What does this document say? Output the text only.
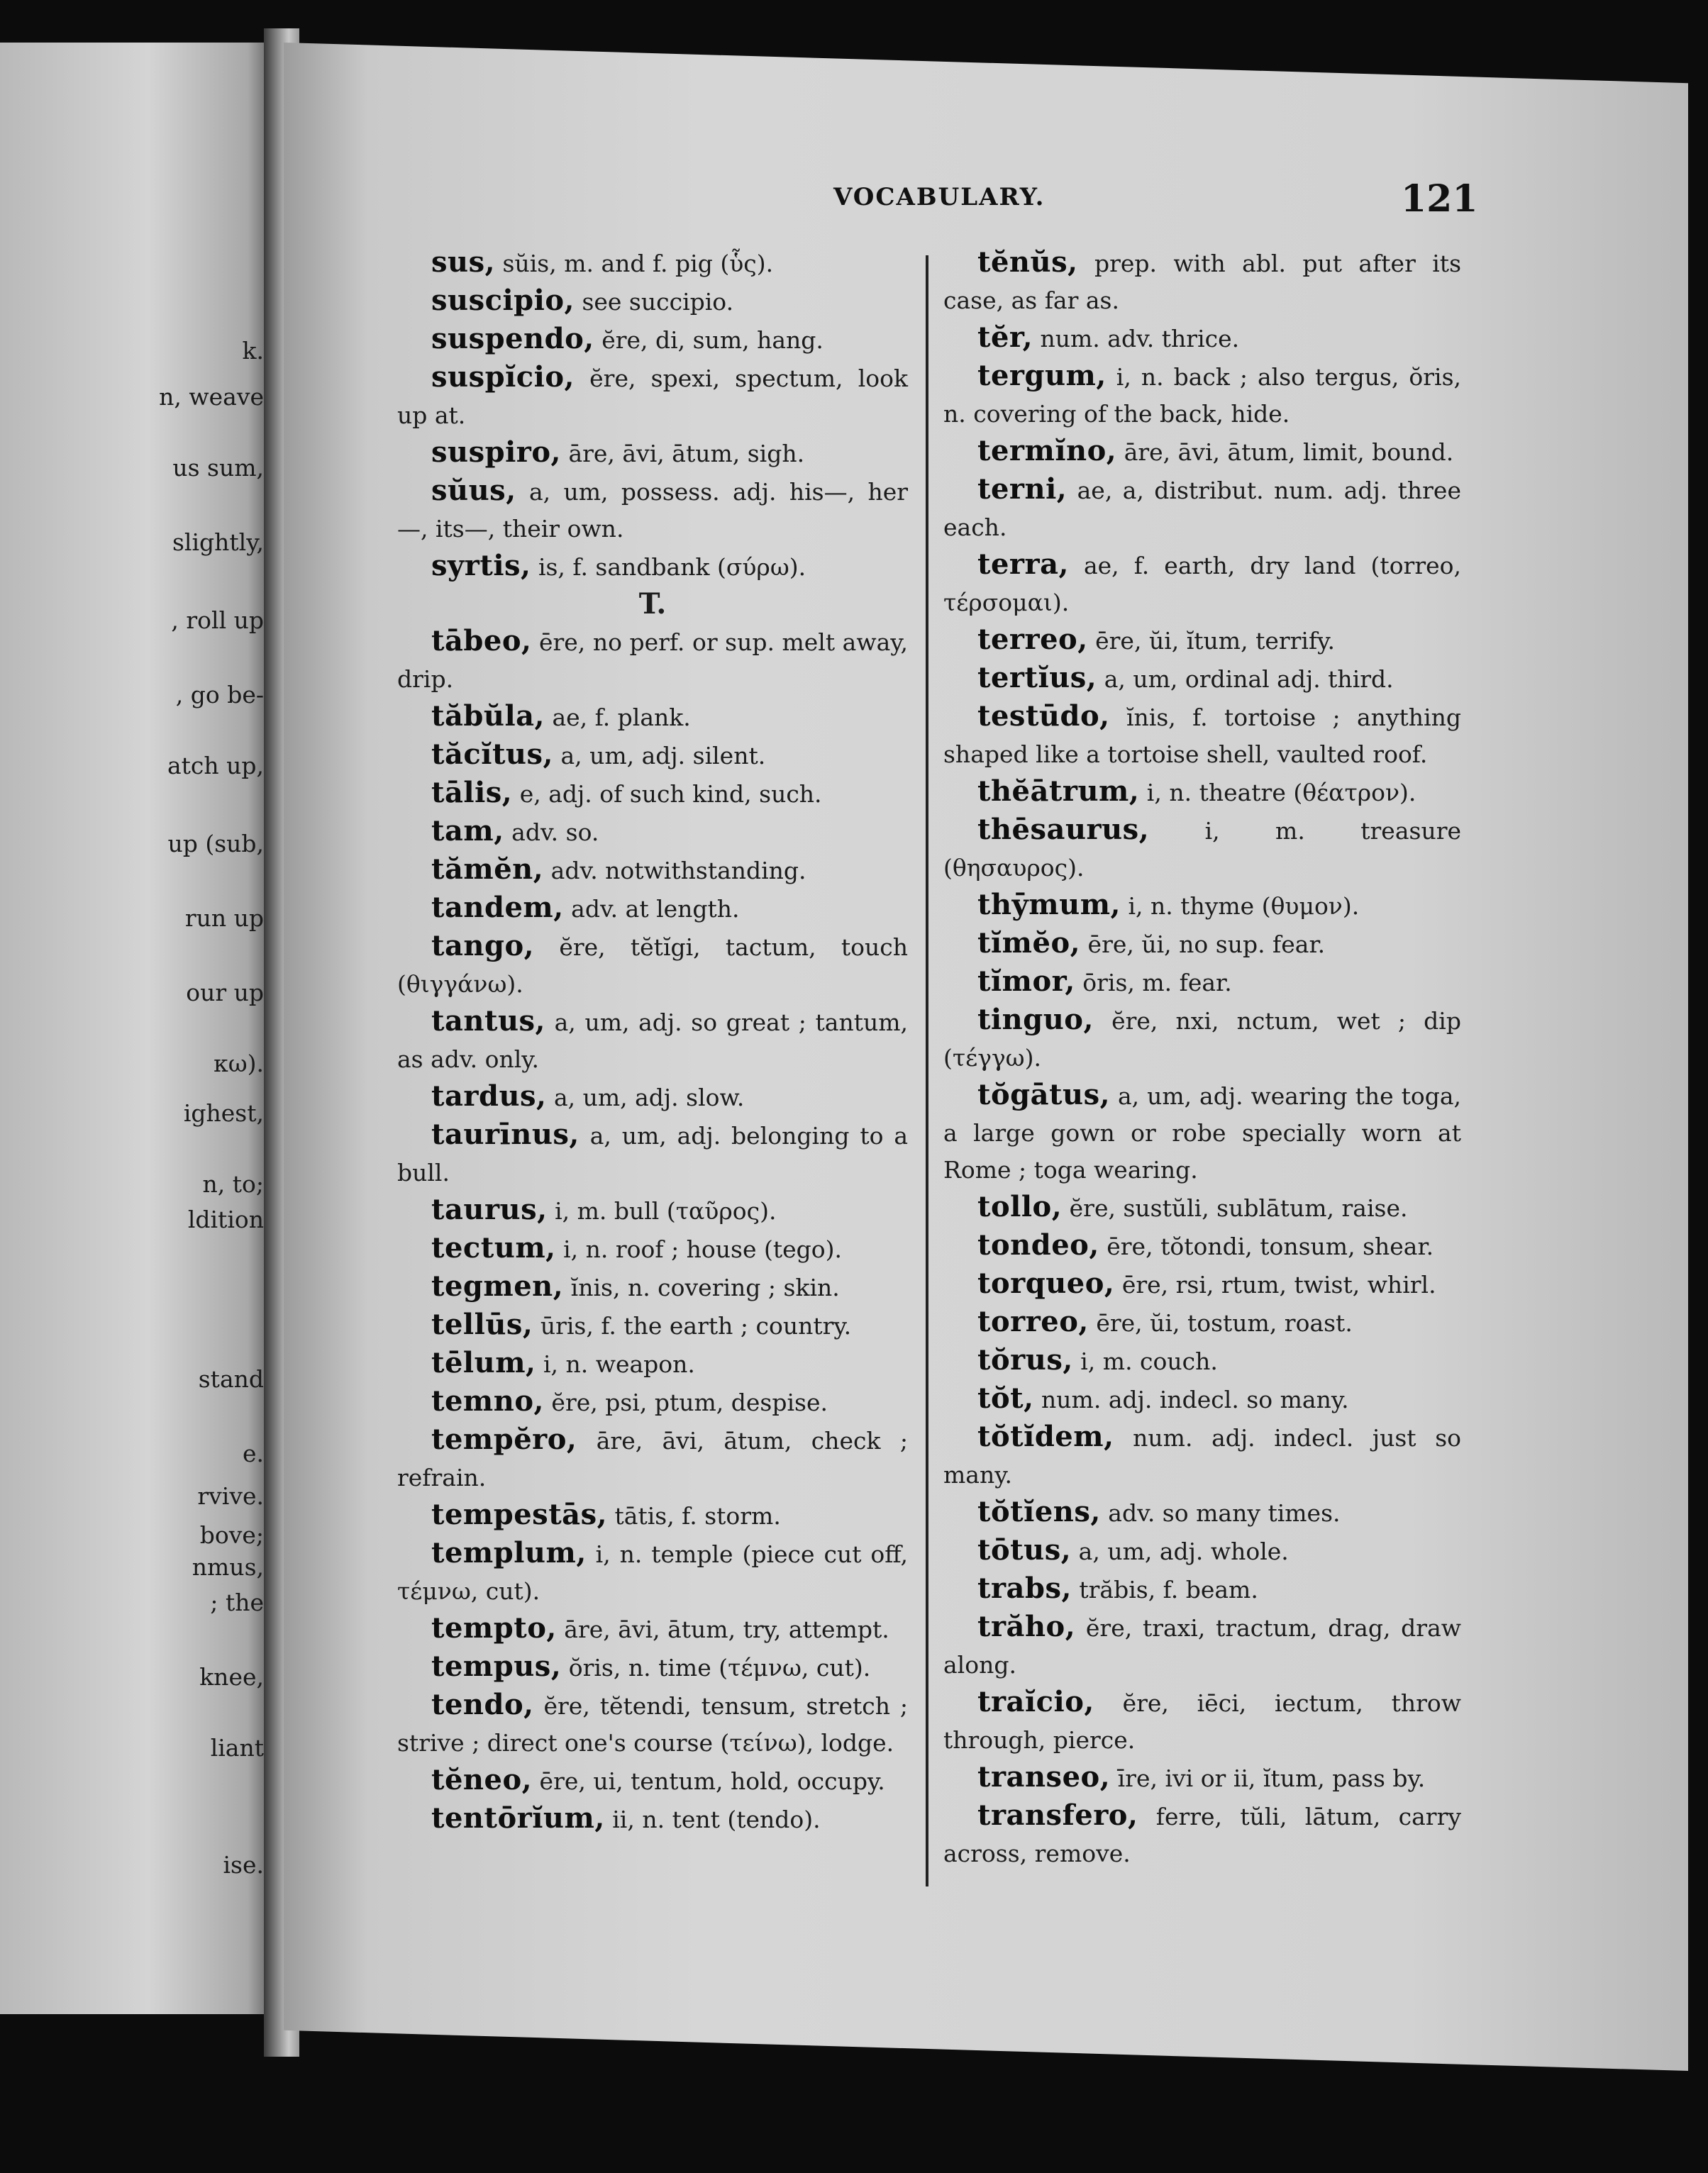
k.
n, weave
us sum,
slightly,
, roll up
, go be-
atch up,
up (sub,
run up
our up
κω).
ighest,
n, to;
ldition
stand
e.
rvive.
bove;
nmus,
; the
knee,
liant
ise.
VOCABULARY.	121
sus, sŭis, m. and f. pig (ὗς).
suscipio, see succipio.
suspendo, ĕre, di, sum, hang.
suspĭcio, ĕre, spexi, spectum, look up at.
suspiro, āre, āvi, ātum, sigh.
sŭus, a, um, possess. adj. his—, her —, its—, their own.
syrtis, is, f. sandbank (σύρω).
T.
tābeo, ēre, no perf. or sup. melt away, drip.
tăbŭla, ae, f. plank.
tăcĭtus, a, um, adj. silent.
tālis, e, adj. of such kind, such.
tam, adv. so.
tămĕn, adv. notwithstanding.
tandem, adv. at length.
tango, ĕre, tĕtĭgi, tactum, touch (θιγγάνω).
tantus, a, um, adj. so great ; tantum, as adv. only.
tardus, a, um, adj. slow.
taurīnus, a, um, adj. belonging to a bull.
taurus, i, m. bull (ταῦρος).
tectum, i, n. roof ; house (tego).
tegmen, ĭnis, n. covering ; skin.
tellūs, ūris, f. the earth ; country.
tēlum, i, n. weapon.
temno, ĕre, psi, ptum, despise.
tempĕro, āre, āvi, ātum, check ; refrain.
tempestās, tātis, f. storm.
templum, i, n. temple (piece cut off, τέμνω, cut).
tempto, āre, āvi, ātum, try, attempt.
tempus, ŏris, n. time (τέμνω, cut).
tendo, ĕre, tĕtendi, tensum, stretch ; strive ; direct one's course (τείνω), lodge.
tĕneo, ēre, ui, tentum, hold, occupy.
tentōrĭum, ii, n. tent (tendo).
tĕnŭs, prep. with abl. put after its case, as far as.
tĕr, num. adv. thrice.
tergum, i, n. back ; also tergus, ŏris, n. covering of the back, hide.
termĭno, āre, āvi, ātum, limit, bound.
terni, ae, a, distribut. num. adj. three each.
terra, ae, f. earth, dry land (torreo, τέρσομαι).
terreo, ēre, ŭi, ĭtum, terrify.
tertĭus, a, um, ordinal adj. third.
testūdo, ĭnis, f. tortoise ; anything shaped like a tortoise shell, vaulted roof.
thĕātrum, i, n. theatre (θέατρον).
thēsaurus, i, m. treasure (θησαυρος).
thȳmum, i, n. thyme (θυμον).
tĭmĕo, ēre, ŭi, no sup. fear.
tĭmor, ōris, m. fear.
tinguo, ĕre, nxi, nctum, wet ; dip (τέγγω).
tŏgātus, a, um, adj. wearing the toga, a large gown or robe specially worn at Rome ; toga wearing.
tollo, ĕre, sustŭli, sublātum, raise.
tondeo, ēre, tŏtondi, tonsum, shear.
torqueo, ēre, rsi, rtum, twist, whirl.
torreo, ēre, ŭi, tostum, roast.
tŏrus, i, m. couch.
tŏt, num. adj. indecl. so many.
tŏtĭdem, num. adj. indecl. just so many.
tŏtĭens, adv. so many times.
tōtus, a, um, adj. whole.
trabs, trăbis, f. beam.
trăho, ĕre, traxi, tractum, drag, draw along.
traĭcio, ĕre, iēci, iectum, throw through, pierce.
transeo, īre, ivi or ii, ĭtum, pass by.
transfero, ferre, tŭli, lātum, carry across, remove.
